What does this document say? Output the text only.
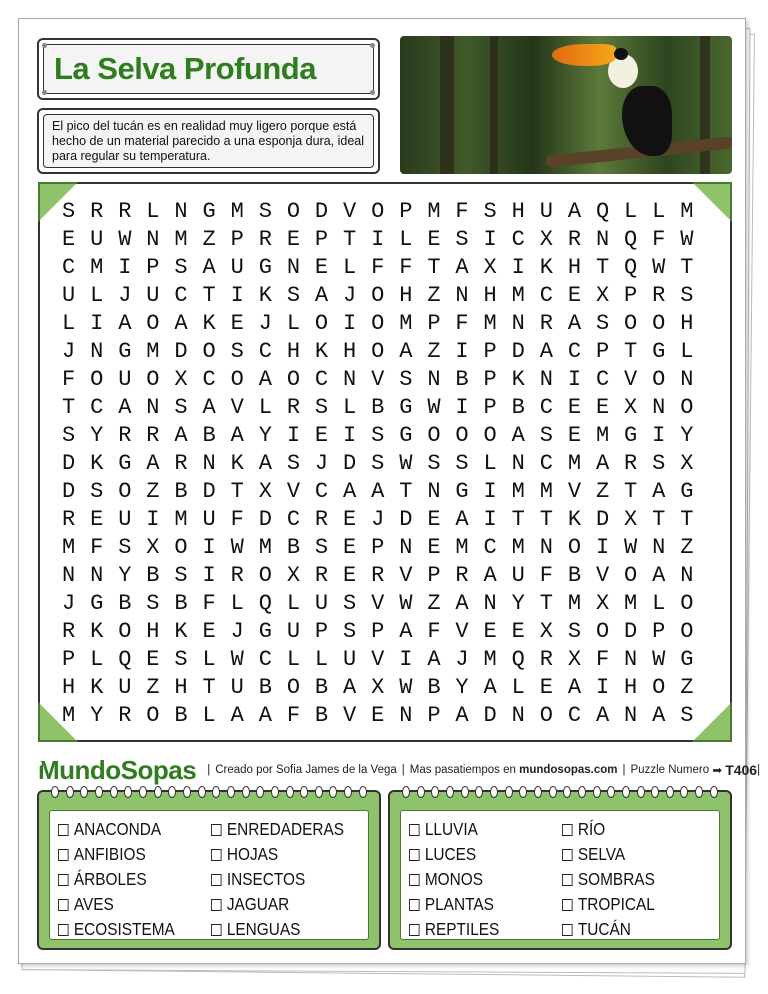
La Selva Profunda
El pico del tucán es en realidad muy ligero porque está hecho de un material parecido a una esponja dura, ideal para regular su temperatura.
SRRLNGMSODVOPMFSHUAQLLM
EUWNMZPREPTILESICXRNQFW
CMIPSAUGNELFFTAXIKHTQWT
ULJUCTIKSAJOHZNHMCEXPRS
LIAOAKEJLOIOMPFMNRASOOH
JNGMDOSCHKHOAZIPDACPTGL
FOUOXCOAOCNVSNBPKNICVON
TCANSAVLRSLBGWIPBCEEXNO
SYRRABAYIEISGOOOASEMGIY
DKGARNKASJDSWSSLNCMARSX
DSOZBDTXVCAATNGIMMVZTAG
REUIMUFDCREJDEAITTKDXTT
MFSXOIWMBSEPNEMCMNOIWNZ
NNYBSIROXRERVPRAUFBVOAN
JGBSBFLQLUSVWZANYTMXMLO
RKOHKEJGUPSPAFVEEXSODPO
PLQESLWCLLUVIAJMQRXFNWG
HKUZHTUBOBAXWBYALEAIHOZ
MYROBLAAFBVENPADNOCANAS
MundoSopas | Creado por Sofia James de la Vega | Mas pasatiempos en
mundosopas.com | Puzzle Numero
➡
T406 |
ANACONDA
ANFIBIOS
ÁRBOLES
AVES
ECOSISTEMA
ENREDADERAS
HOJAS
INSECTOS
JAGUAR
LENGUAS
LLUVIA
LUCES
MONOS
PLANTAS
REPTILES
RÍO
SELVA
SOMBRAS
TROPICAL
TUCÁN
